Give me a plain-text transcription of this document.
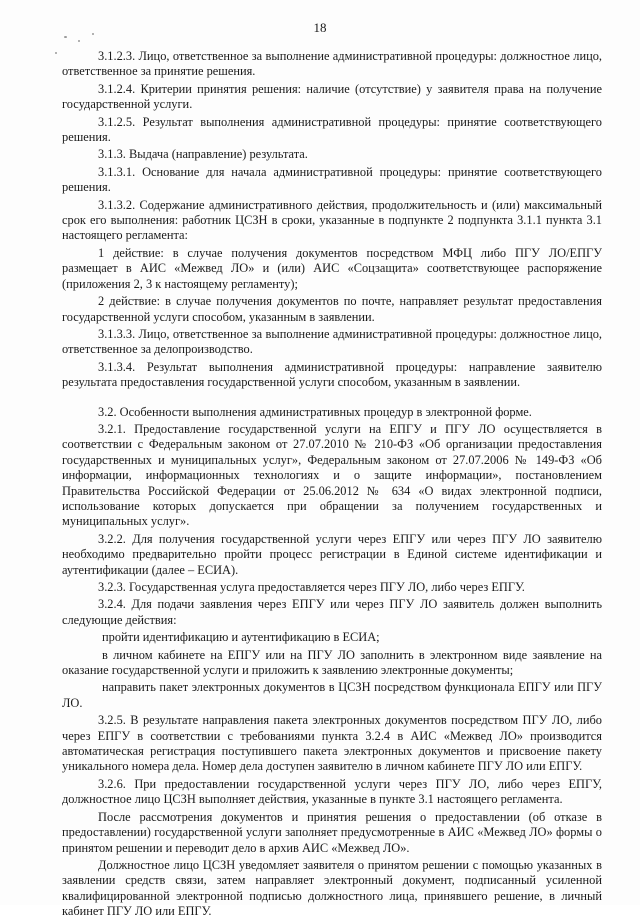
18

3.1.2.3. Лицо, ответственное за выполнение административной процедуры: должностное лицо, ответственное за принятие решения.

3.1.2.4. Критерии принятия решения: наличие (отсутствие) у заявителя права на получение государственной услуги.

3.1.2.5. Результат выполнения административной процедуры: принятие соответствующего решения.

3.1.3. Выдача (направление) результата.

3.1.3.1. Основание для начала административной процедуры: принятие соответствующего решения.

3.1.3.2. Содержание административного действия, продолжительность и (или) максимальный срок его выполнения: работник ЦСЗН в сроки, указанные в подпункте 2 подпункта 3.1.1 пункта 3.1 настоящего регламента:

1 действие: в случае получения документов посредством МФЦ либо ПГУ ЛО/ЕПГУ размещает в АИС «Межвед ЛО» и (или) АИС «Соцзащита» соответствующее распоряжение (приложения 2, 3 к настоящему регламенту);

2 действие: в случае получения документов по почте, направляет результат предоставления государственной услуги способом, указанным в заявлении.

3.1.3.3. Лицо, ответственное за выполнение административной процедуры: должностное лицо, ответственное за делопроизводство.

3.1.3.4. Результат выполнения административной процедуры: направление заявителю результата предоставления государственной услуги способом, указанным в заявлении.

3.2. Особенности выполнения административных процедур в электронной форме.

3.2.1. Предоставление государственной услуги на ЕПГУ и ПГУ ЛО осуществляется в соответствии с Федеральным законом от 27.07.2010 № 210-ФЗ «Об организации предоставления государственных и муниципальных услуг», Федеральным законом от 27.07.2006 № 149-ФЗ «Об информации, информационных технологиях и о защите информации», постановлением Правительства Российской Федерации от 25.06.2012 № 634 «О видах электронной подписи, использование которых допускается при обращении за получением государственных и муниципальных услуг».

3.2.2. Для получения государственной услуги через ЕПГУ или через ПГУ ЛО заявителю необходимо предварительно пройти процесс регистрации в Единой системе идентификации и аутентификации (далее – ЕСИА).

3.2.3. Государственная услуга предоставляется через ПГУ ЛО, либо через ЕПГУ.

3.2.4. Для подачи заявления через ЕПГУ или через ПГУ ЛО заявитель должен выполнить следующие действия:

пройти идентификацию и аутентификацию в ЕСИА;

в личном кабинете на ЕПГУ или на ПГУ ЛО заполнить в электронном виде заявление на оказание государственной услуги и приложить к заявлению электронные документы;

направить пакет электронных документов в ЦСЗН посредством функционала ЕПГУ или ПГУ ЛО.

3.2.5. В результате направления пакета электронных документов посредством ПГУ ЛО, либо через ЕПГУ в соответствии с требованиями пункта 3.2.4 в АИС «Межвед ЛО» производится автоматическая регистрация поступившего пакета электронных документов и присвоение пакету уникального номера дела. Номер дела доступен заявителю в личном кабинете ПГУ ЛО или ЕПГУ.

3.2.6. При предоставлении государственной услуги через ПГУ ЛО, либо через ЕПГУ, должностное лицо ЦСЗН выполняет действия, указанные в пункте 3.1 настоящего регламента.

После рассмотрения документов и принятия решения о предоставлении (об отказе в предоставлении) государственной услуги заполняет предусмотренные в АИС «Межвед ЛО» формы о принятом решении и переводит дело в архив АИС «Межвед ЛО».

Должностное лицо ЦСЗН уведомляет заявителя о принятом решении с помощью указанных в заявлении средств связи, затем направляет электронный документ, подписанный усиленной квалифицированной электронной подписью должностного лица, принявшего решение, в личный кабинет ПГУ ЛО или ЕПГУ.
